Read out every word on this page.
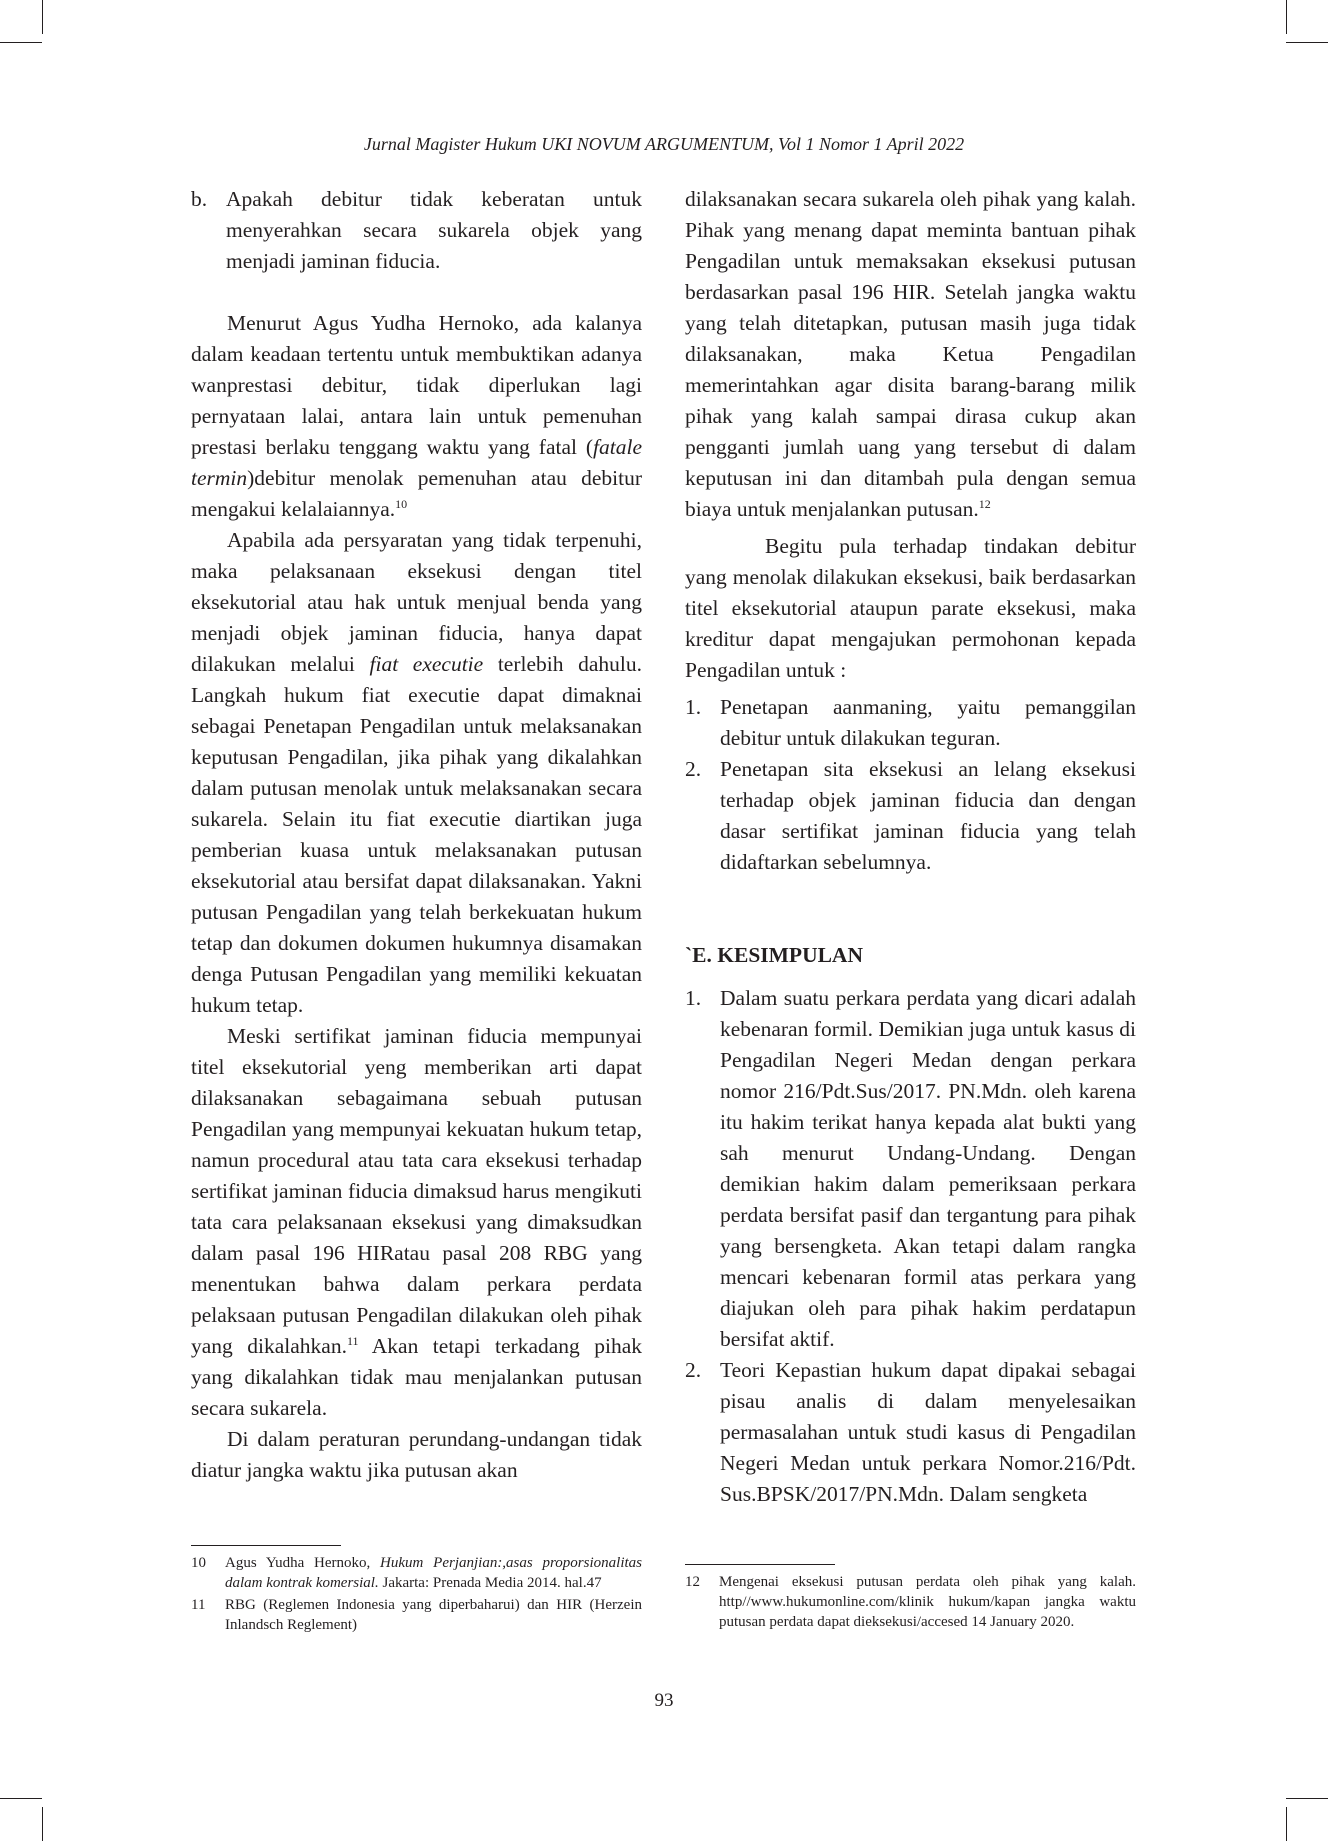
Jurnal Magister Hukum UKI NOVUM ARGUMENTUM, Vol 1 Nomor 1 April 2022
b. Apakah debitur tidak keberatan untuk menyerahkan secara sukarela objek yang menjadi jaminan fiducia.

Menurut Agus Yudha Hernoko, ada kalanya dalam keadaan tertentu untuk membuktikan adanya wanprestasi debitur, tidak diperlukan lagi pernyataan lalai, antara lain untuk pemenuhan prestasi berlaku tenggang waktu yang fatal (fatale termin)debitur menolak pemenuhan atau debitur mengakui kelalaiannya.$^{10}$

Apabila ada persyaratan yang tidak terpenuhi, maka pelaksanaan eksekusi dengan titel eksekutorial atau hak untuk menjual benda yang menjadi objek jaminan fiducia, hanya dapat dilakukan melalui fiat executie terlebih dahulu. Langkah hukum fiat executie dapat dimaknai sebagai Penetapan Pengadilan untuk melaksanakan keputusan Pengadilan, jika pihak yang dikalahkan dalam putusan menolak untuk melaksanakan secara sukarela. Selain itu fiat executie diartikan juga pemberian kuasa untuk melaksanakan putusan eksekutorial atau bersifat dapat dilaksanakan. Yakni putusan Pengadilan yang telah berkekuatan hukum tetap dan dokumen dokumen hukumnya disamakan denga Putusan Pengadilan yang memiliki kekuatan hukum tetap.

Meski sertifikat jaminan fiducia mempunyai titel eksekutorial yeng memberikan arti dapat dilaksanakan sebagaimana sebuah putusan Pengadilan yang mempunyai kekuatan hukum tetap, namun procedural atau tata cara eksekusi terhadap sertifikat jaminan fiducia dimaksud harus mengikuti tata cara pelaksanaan eksekusi yang dimaksudkan dalam pasal 196 HIRatau pasal 208 RBG yang menentukan bahwa dalam perkara perdata pelaksaan putusan Pengadilan dilakukan oleh pihak yang dikalahkan.$^{11}$ Akan tetapi terkadang pihak yang dikalahkan tidak mau menjalankan putusan secara sukarela.

Di dalam peraturan perundang-undangan tidak diatur jangka waktu jika putusan akan

dilaksanakan secara sukarela oleh pihak yang kalah. Pihak yang menang dapat meminta bantuan pihak Pengadilan untuk memaksakan eksekusi putusan berdasarkan pasal 196 HIR. Setelah jangka waktu yang telah ditetapkan, putusan masih juga tidak dilaksanakan, maka Ketua Pengadilan memerintahkan agar disita barang-barang milik pihak yang kalah sampai dirasa cukup akan pengganti jumlah uang yang tersebut di dalam keputusan ini dan ditambah pula dengan semua biaya untuk menjalankan putusan.$^{12}$

Begitu pula terhadap tindakan debitur yang menolak dilakukan eksekusi, baik berdasarkan titel eksekutorial ataupun parate eksekusi, maka kreditur dapat mengajukan permohonan kepada Pengadilan untuk :

1. Penetapan aanmaning, yaitu pemanggilan debitur untuk dilakukan teguran.
2. Penetapan sita eksekusi an lelang eksekusi terhadap objek jaminan fiducia dan dengan dasar sertifikat jaminan fiducia yang telah didaftarkan sebelumnya.

`E. KESIMPULAN

1. Dalam suatu perkara perdata yang dicari adalah kebenaran formil. Demikian juga untuk kasus di Pengadilan Negeri Medan dengan perkara nomor 216/Pdt.Sus/2017. PN.Mdn. oleh karena itu hakim terikat hanya kepada alat bukti yang sah menurut Undang-Undang. Dengan demikian hakim dalam pemeriksaan perkara perdata bersifat pasif dan tergantung para pihak yang bersengketa. Akan tetapi dalam rangka mencari kebenaran formil atas perkara yang diajukan oleh para pihak hakim perdatapun bersifat aktif.
2. Teori Kepastian hukum dapat dipakai sebagai pisau analis di dalam menyelesaikan permasalahan untuk studi kasus di Pengadilan Negeri Medan untuk perkara Nomor.216/Pdt. Sus.BPSK/2017/PN.Mdn. Dalam sengketa
10	Agus Yudha Hernoko, Hukum Perjanjian:,asas proporsionalitas dalam kontrak komersial. Jakarta: Prenada Media 2014. hal.47
11	RBG (Reglemen Indonesia yang diperbaharui) dan HIR (Herzein Inlandsch Reglement)
12	Mengenai eksekusi putusan perdata oleh pihak yang kalah. http//www.hukumonline.com/klinik hukum/kapan jangka waktu putusan perdata dapat dieksekusi/accesed 14 January 2020.
93
